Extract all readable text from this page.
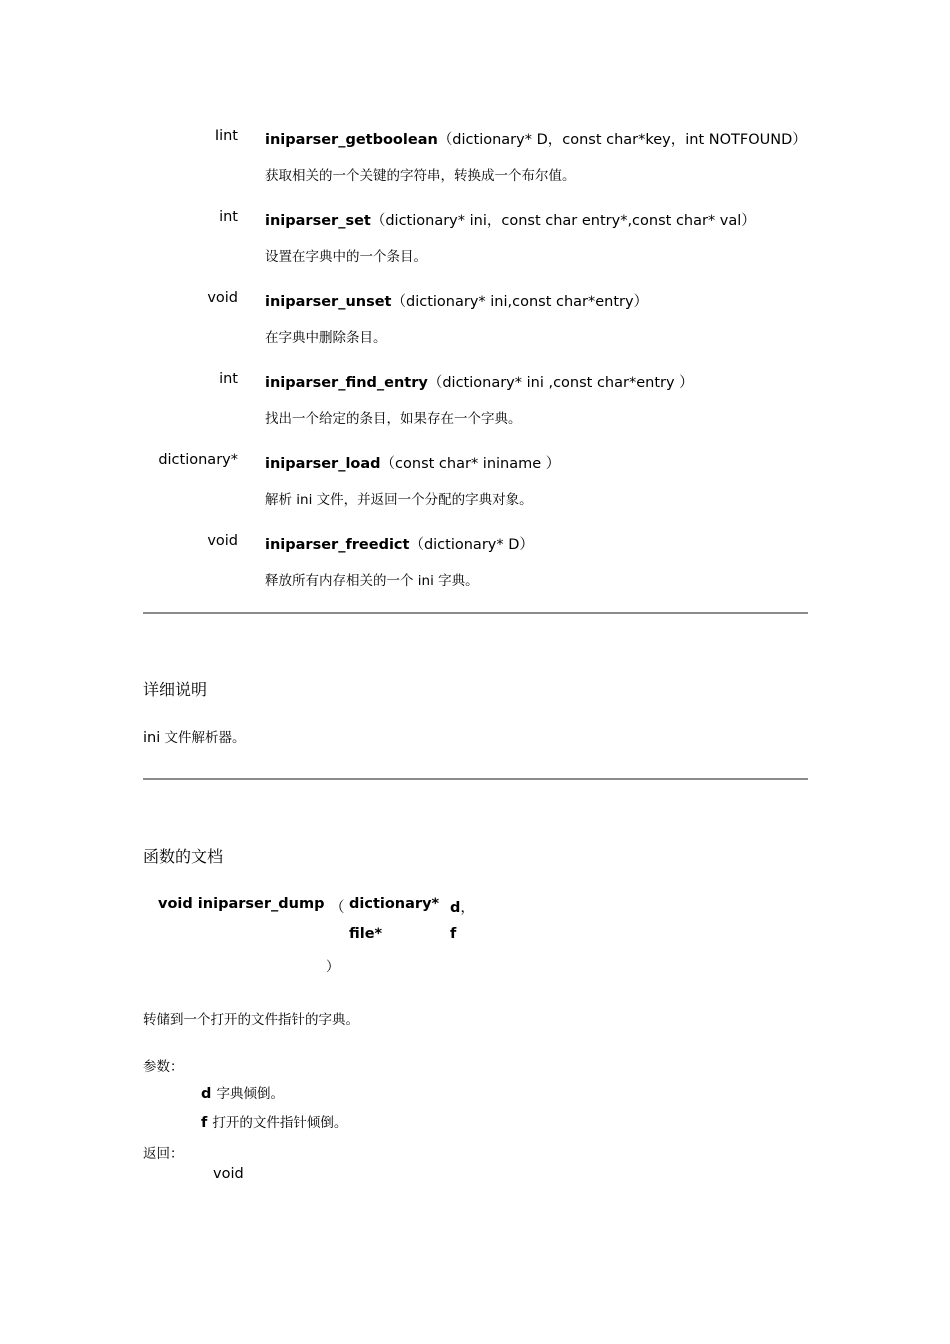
Iint iniparser_getboolean（dictionary* D，const char*key，int NOTFOUND）
获取相关的一个关键的字符串，转换成一个布尔值。
int iniparser_set（dictionary* ini，const char entry*,const char* val）
设置在字典中的一个条目。
void iniparser_unset（dictionary* ini,const char*entry）
在字典中删除条目。
int iniparser_find_entry（dictionary* ini ,const char*entry ）
找出一个给定的条目，如果存在一个字典。
dictionary* iniparser_load（const char* ininame ）
解析 ini 文件，并返回一个分配的字典对象。
void iniparser_freedict（dictionary* D）
释放所有内存相关的一个 ini 字典。
详细说明
ini 文件解析器。
函数的文档
void iniparser_dump （ dictionary* d，
file*	f
）
转储到一个打开的文件指针的字典。
参数：
d 字典倾倒。
f 打开的文件指针倾倒。
返回：
void
